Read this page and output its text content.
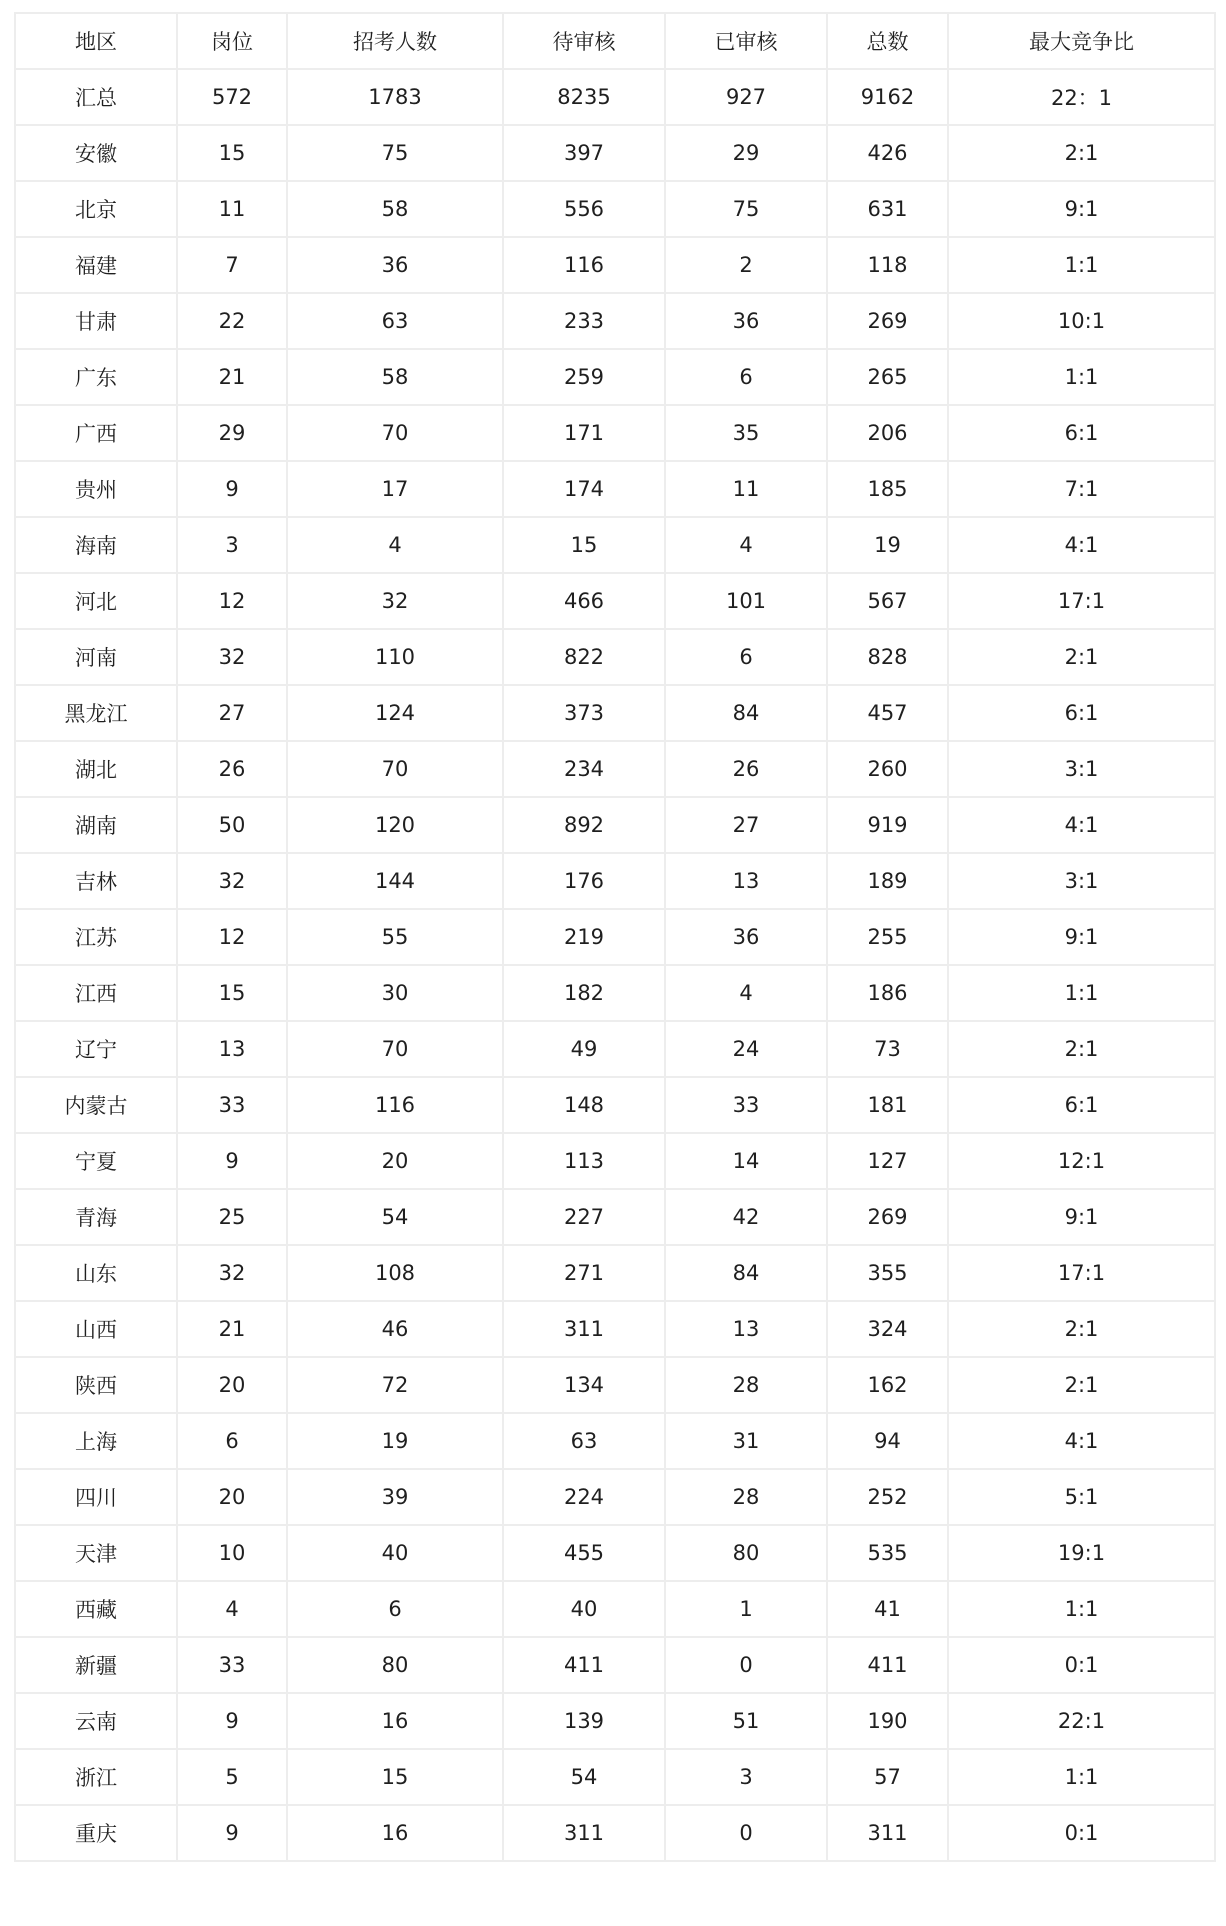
地区	岗位	招考人数	待审核	已审核	总数	最大竞争比
汇总	572	1783	8235	927	9162	22：1
安徽	15	75	397	29	426	2:1
北京	11	58	556	75	631	9:1
福建	7	36	116	2	118	1:1
甘肃	22	63	233	36	269	10:1
广东	21	58	259	6	265	1:1
广西	29	70	171	35	206	6:1
贵州	9	17	174	11	185	7:1
海南	3	4	15	4	19	4:1
河北	12	32	466	101	567	17:1
河南	32	110	822	6	828	2:1
黑龙江	27	124	373	84	457	6:1
湖北	26	70	234	26	260	3:1
湖南	50	120	892	27	919	4:1
吉林	32	144	176	13	189	3:1
江苏	12	55	219	36	255	9:1
江西	15	30	182	4	186	1:1
辽宁	13	70	49	24	73	2:1
内蒙古	33	116	148	33	181	6:1
宁夏	9	20	113	14	127	12:1
青海	25	54	227	42	269	9:1
山东	32	108	271	84	355	17:1
山西	21	46	311	13	324	2:1
陕西	20	72	134	28	162	2:1
上海	6	19	63	31	94	4:1
四川	20	39	224	28	252	5:1
天津	10	40	455	80	535	19:1
西藏	4	6	40	1	41	1:1
新疆	33	80	411	0	411	0:1
云南	9	16	139	51	190	22:1
浙江	5	15	54	3	57	1:1
重庆	9	16	311	0	311	0:1
